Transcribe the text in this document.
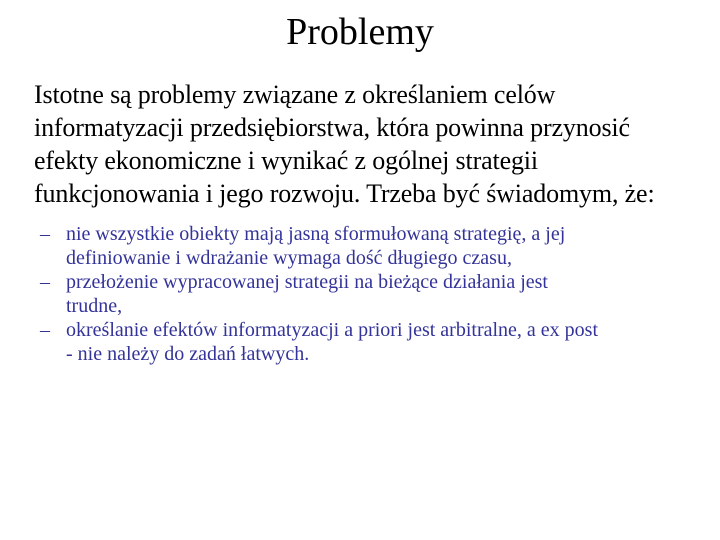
Problemy

Istotne są problemy związane z określaniem celów
informatyzacji przedsiębiorstwa, która powinna przynosić
efekty ekonomiczne i wynikać z ogólnej strategii
funkcjonowania i jego rozwoju. Trzeba być świadomym, że:

– nie wszystkie obiekty mają jasną sformułowaną strategię, a jej
definiowanie i wdrażanie wymaga dość długiego czasu,
– przełożenie wypracowanej strategii na bieżące działania jest
trudne,
– określanie efektów informatyzacji a priori jest arbitralne, a ex post
- nie należy do zadań łatwych.
